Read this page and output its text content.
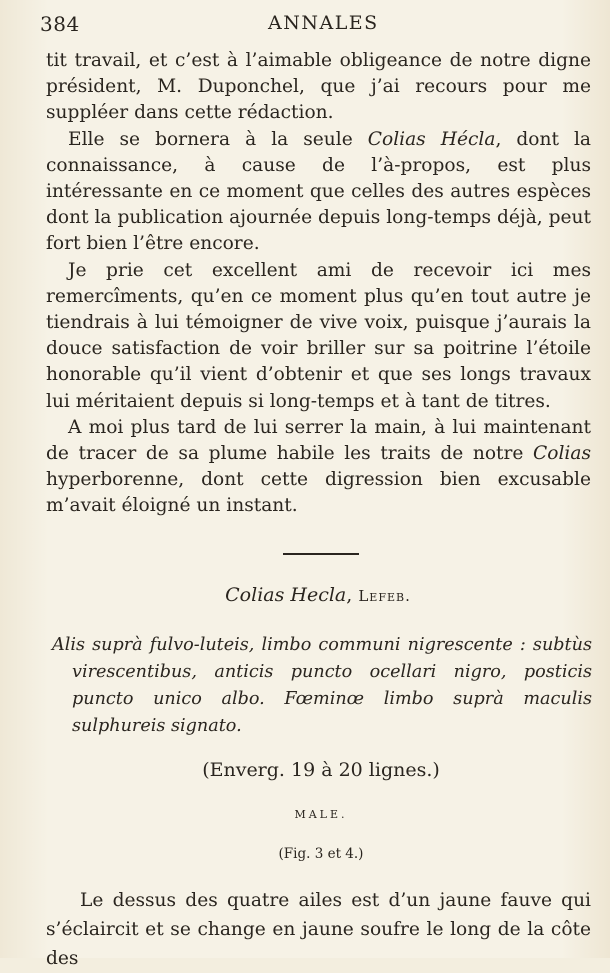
384	ANNALES

tit travail, et c’est à l’aimable obligeance de notre digne président, M. Duponchel, que j’ai recours pour me suppléer dans cette rédaction.

Elle se bornera à la seule Colias Hécla, dont la connaissance, à cause de l’à-propos, est plus intéressante en ce moment que celles des autres espèces dont la publication ajournée depuis long-temps déjà, peut fort bien l’être encore.

Je prie cet excellent ami de recevoir ici mes remercîments, qu’en ce moment plus qu’en tout autre je tiendrais à lui témoigner de vive voix, puisque j’aurais la douce satisfaction de voir briller sur sa poitrine l’étoile honorable qu’il vient d’obtenir et que ses longs travaux lui méritaient depuis si long-temps et à tant de titres.

A moi plus tard de lui serrer la main, à lui maintenant de tracer de sa plume habile les traits de notre Colias hyperborenne, dont cette digression bien excusable m’avait éloigné un instant.

Colias Hecla, Lefeb.

Alis suprà fulvo-luteis, limbo communi nigrescente : subtùs virescentibus, anticis puncto ocellari nigro, posticis puncto unico albo. Fœminœ limbo suprà maculis sulphureis signato.

(Enverg. 19 à 20 lignes.)
MALE.
(Fig. 3 et 4.)

Le dessus des quatre ailes est d’un jaune fauve qui s’éclaircit et se change en jaune soufre le long de la côte des
